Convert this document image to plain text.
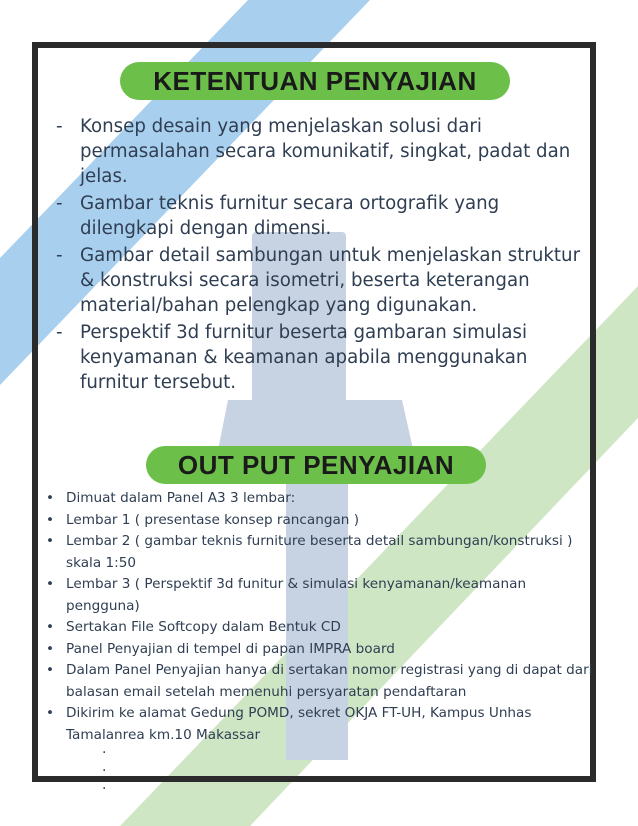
KETENTUAN PENYAJIAN
- Konsep desain yang menjelaskan solusi dari permasalahan secara komunikatif, singkat, padat dan jelas.
- Gambar teknis furnitur secara ortografik yang dilengkapi dengan dimensi.
- Gambar detail sambungan untuk menjelaskan struktur & konstruksi secara isometri, beserta keterangan material/bahan pelengkap yang digunakan.
- Perspektif 3d furnitur beserta gambaran simulasi kenyamanan & keamanan apabila menggunakan furnitur tersebut.
OUT PUT PENYAJIAN
• Dimuat dalam Panel A3 3 lembar:
• Lembar 1 ( presentase konsep rancangan )
• Lembar 2 ( gambar teknis furniture beserta detail sambungan/konstruksi ) skala 1:50
• Lembar 3 ( Perspektif 3d funitur & simulasi kenyamanan/keamanan pengguna)
• Sertakan File Softcopy dalam Bentuk CD
• Panel Penyajian di tempel di papan IMPRA board
• Dalam Panel Penyajian hanya di sertakan nomor registrasi yang di dapat dari balasan email setelah memenuhi persyaratan pendaftaran
• Dikirim ke alamat Gedung POMD, sekret OKJA FT-UH, Kampus Unhas Tamalanrea km.10 Makassar
.
.
.
